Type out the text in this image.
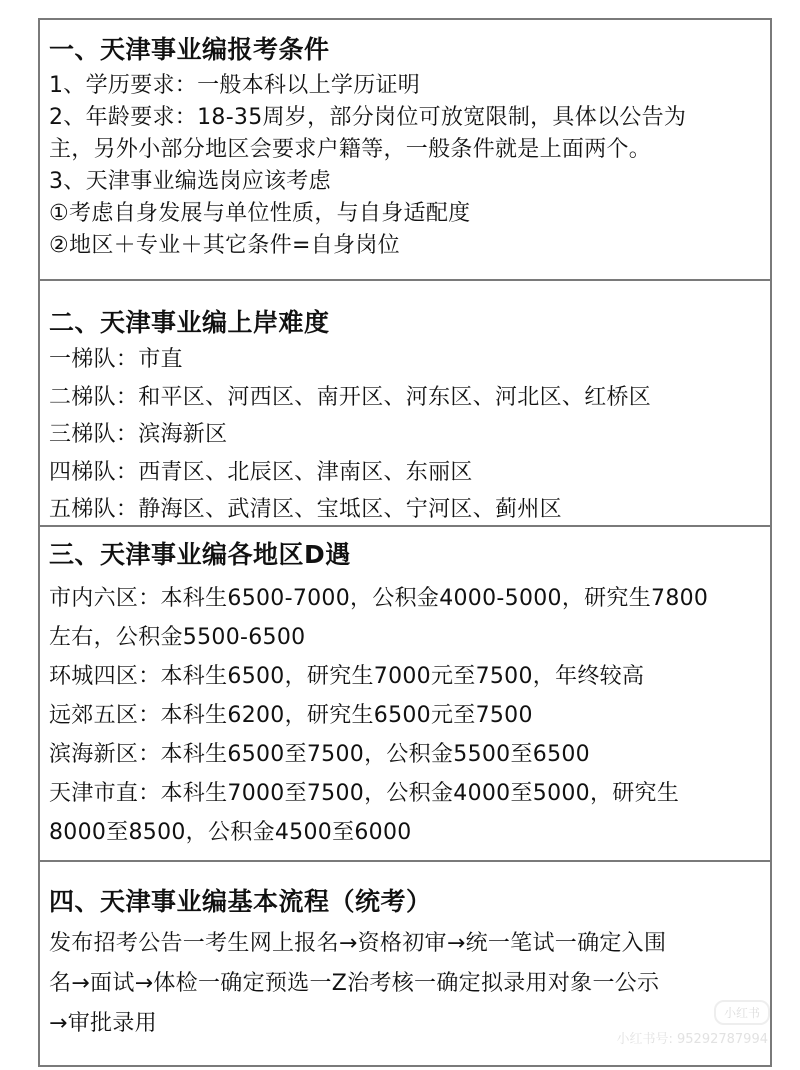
一、天津事业编报考条件

1、学历要求：一般本科以上学历证明

2、年龄要求：18-35周岁，部分岗位可放宽限制，具体以公告为

主，另外小部分地区会要求户籍等，一般条件就是上面两个。

3、天津事业编选岗应该考虑

①考虑自身发展与单位性质，与自身适配度

②地区＋专业＋其它条件=自身岗位

二、天津事业编上岸难度

一梯队：市直

二梯队：和平区、河西区、南开区、河东区、河北区、红桥区

三梯队：滨海新区

四梯队：西青区、北辰区、津南区、东丽区

五梯队：静海区、武清区、宝坻区、宁河区、蓟州区

三、天津事业编各地区D遇

市内六区：本科生6500-7000，公积金4000-5000，研究生7800

左右，公积金5500-6500

环城四区：本科生6500，研究生7000元至7500，年终较高

远郊五区：本科生6200，研究生6500元至7500

滨海新区：本科生6500至7500，公积金5500至6500

天津市直：本科生7000至7500，公积金4000至5000，研究生

8000至8500，公积金4500至6000

四、天津事业编基本流程（统考）

发布招考公告一考生网上报名→资格初审→统一笔试一确定入围

名→面试→体检一确定预选一Z治考核一确定拟录用对象一公示

→审批录用	小红书
小红书号: 95292787994
